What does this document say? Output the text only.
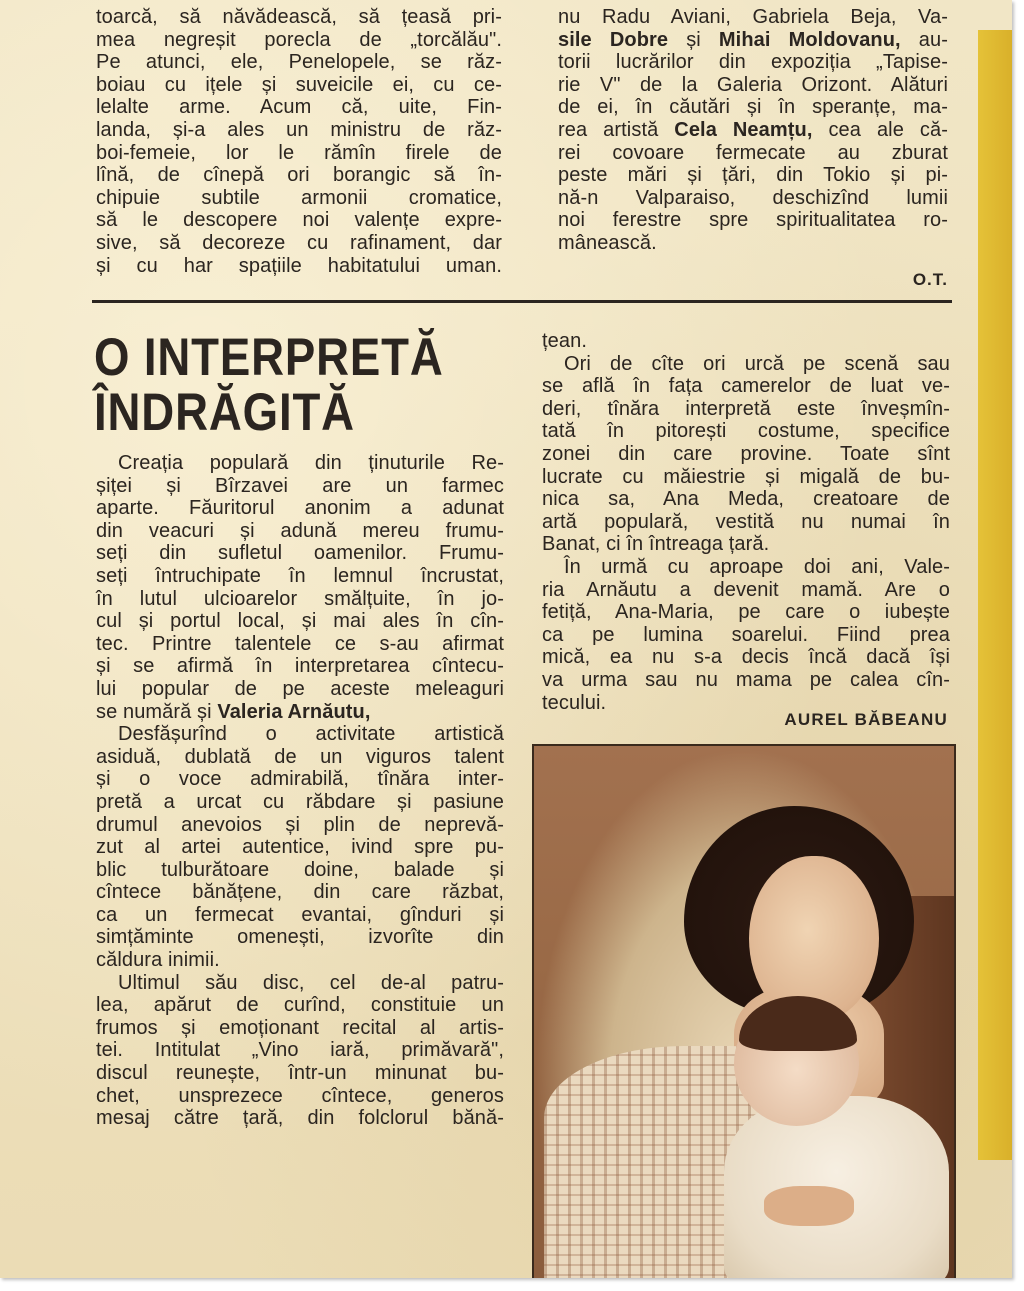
toarcă, să năvădească, să țeasă pri-
mea negreșit porecla de „torcălău".
Pe atunci, ele, Penelopele, se răz-
boiau cu ițele și suveicile ei, cu ce-
lelalte arme. Acum că, uite, Fin-
landa, și-a ales un ministru de răz-
boi-femeie, lor le rămîn firele de
lînă, de cînepă ori borangic să în-
chipuie subtile armonii cromatice,
să le descopere noi valențe expre-
sive, să decoreze cu rafinament, dar
și cu har spațiile habitatului uman.
nu Radu Aviani, Gabriela Beja, Va-
sile Dobre și Mihai Moldovanu, au-
torii lucrărilor din expoziția „Tapise-
rie V" de la Galeria Orizont. Alături
de ei, în căutări și în speranțe, ma-
rea artistă Cela Neamțu, cea ale că-
rei covoare fermecate au zburat
peste mări și țări, din Tokio și pi-
nă-n Valparaiso, deschizînd lumii
noi ferestre spre spiritualitatea ro-
mânească.
O.T.
O INTERPRETĂ
ÎNDRĂGITĂ
Creația populară din ținuturile Re-
șiței și Bîrzavei are un farmec
aparte. Făuritorul anonim a adunat
din veacuri și adună mereu frumu-
seți din sufletul oamenilor. Frumu-
seți întruchipate în lemnul încrustat,
în lutul ulcioarelor smălțuite, în jo-
cul și portul local, și mai ales în cîn-
tec. Printre talentele ce s-au afirmat
și se afirmă în interpretarea cîntecu-
lui popular de pe aceste meleaguri
se numără și Valeria Arnăutu,
Desfășurînd o activitate artistică
asiduă, dublată de un viguros talent
și o voce admirabilă, tînăra inter-
pretă a urcat cu răbdare și pasiune
drumul anevoios și plin de neprevă-
zut al artei autentice, ivind spre pu-
blic tulburătoare doine, balade și
cîntece bănățene, din care răzbat,
ca un fermecat evantai, gînduri și
simțăminte omenești, izvorîte din
căldura inimii.
Ultimul său disc, cel de-al patru-
lea, apărut de curînd, constituie un
frumos și emoționant recital al artis-
tei. Intitulat „Vino iară, primăvară",
discul reunește, într-un minunat bu-
chet, unsprezece cîntece, generos
mesaj către țară, din folclorul bănă-
țean.
Ori de cîte ori urcă pe scenă sau
se află în fața camerelor de luat ve-
deri, tînăra interpretă este înveșmîn-
tată în pitorești costume, specifice
zonei din care provine. Toate sînt
lucrate cu măiestrie și migală de bu-
nica sa, Ana Meda, creatoare de
artă populară, vestită nu numai în
Banat, ci în întreaga țară.
În urmă cu aproape doi ani, Vale-
ria Arnăutu a devenit mamă. Are o
fetiță, Ana-Maria, pe care o iubește
ca pe lumina soarelui. Fiind prea
mică, ea nu s-a decis încă dacă își
va urma sau nu mama pe calea cîn-
tecului.
AUREL BĂBEANU
